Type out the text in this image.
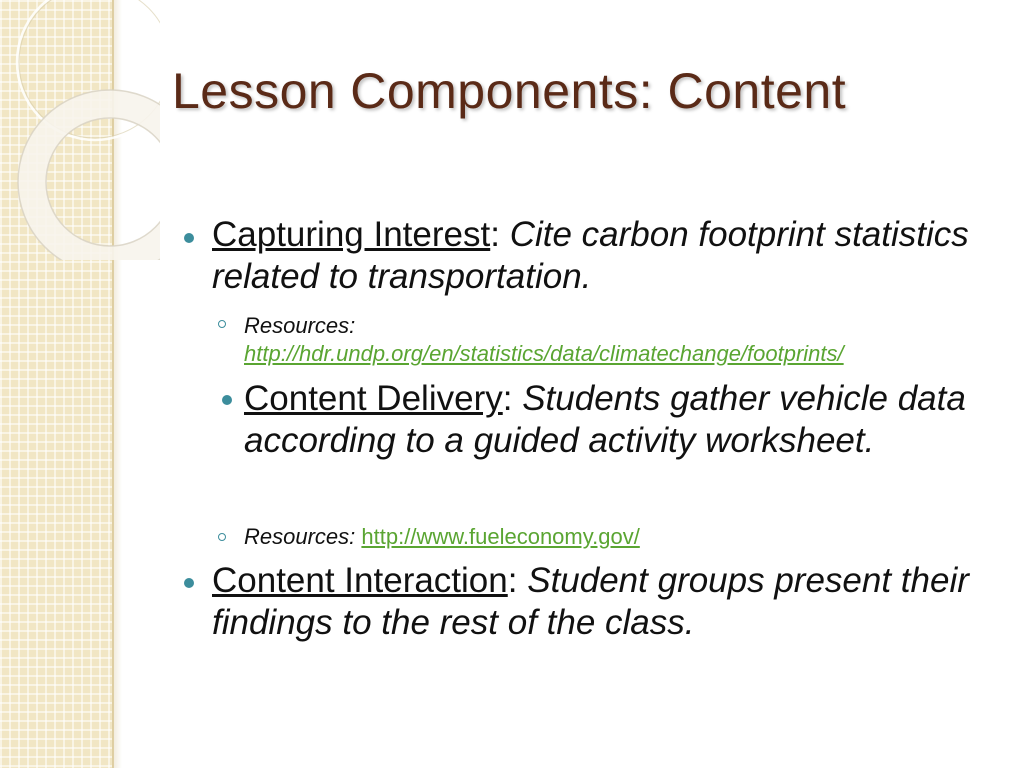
Lesson Components: Content
Capturing Interest: Cite carbon footprint statistics related to transportation.
Resources:
http://hdr.undp.org/en/statistics/data/climatechange/footprints/
Content Delivery: Students gather vehicle data according to a guided activity worksheet.
Resources: http://www.fueleconomy.gov/
Content Interaction: Student groups present their findings to the rest of the class.
